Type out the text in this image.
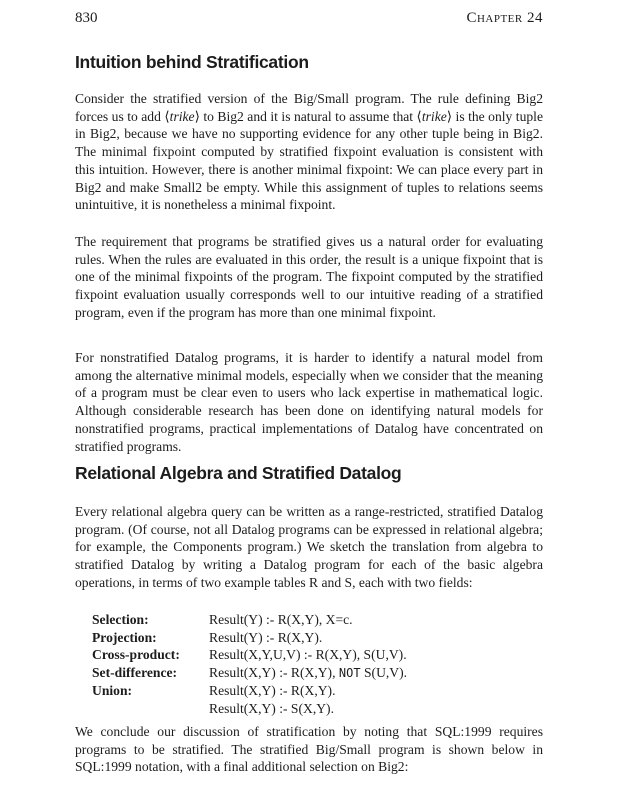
830	Chapter 24
Intuition behind Stratification

Consider the stratified version of the Big/Small program. The rule defining Big2 forces us to add ⟨trike⟩ to Big2 and it is natural to assume that ⟨trike⟩ is the only tuple in Big2, because we have no supporting evidence for any other tuple being in Big2. The minimal fixpoint computed by stratified fixpoint evaluation is consistent with this intuition. However, there is another minimal fixpoint: We can place every part in Big2 and make Small2 be empty. While this assignment of tuples to relations seems unintuitive, it is nonetheless a minimal fixpoint.

The requirement that programs be stratified gives us a natural order for evaluating rules. When the rules are evaluated in this order, the result is a unique fixpoint that is one of the minimal fixpoints of the program. The fixpoint computed by the stratified fixpoint evaluation usually corresponds well to our intuitive reading of a stratified program, even if the program has more than one minimal fixpoint.

For nonstratified Datalog programs, it is harder to identify a natural model from among the alternative minimal models, especially when we consider that the meaning of a program must be clear even to users who lack expertise in mathematical logic. Although considerable research has been done on identifying natural models for nonstratified programs, practical implementations of Datalog have concentrated on stratified programs.

Relational Algebra and Stratified Datalog

Every relational algebra query can be written as a range-restricted, stratified Datalog program. (Of course, not all Datalog programs can be expressed in relational algebra; for example, the Components program.) We sketch the translation from algebra to stratified Datalog by writing a Datalog program for each of the basic algebra operations, in terms of two example tables R and S, each with two fields:

Selection:	Result(Y) :- R(X,Y), X=c.
Projection:	Result(Y) :- R(X,Y).
Cross-product:	Result(X,Y,U,V) :- R(X,Y), S(U,V).
Set-difference:	Result(X,Y) :- R(X,Y), NOT S(U,V).
Union:	Result(X,Y) :- R(X,Y).
Result(X,Y) :- S(X,Y).

We conclude our discussion of stratification by noting that SQL:1999 requires programs to be stratified. The stratified Big/Small program is shown below in SQL:1999 notation, with a final additional selection on Big2:
